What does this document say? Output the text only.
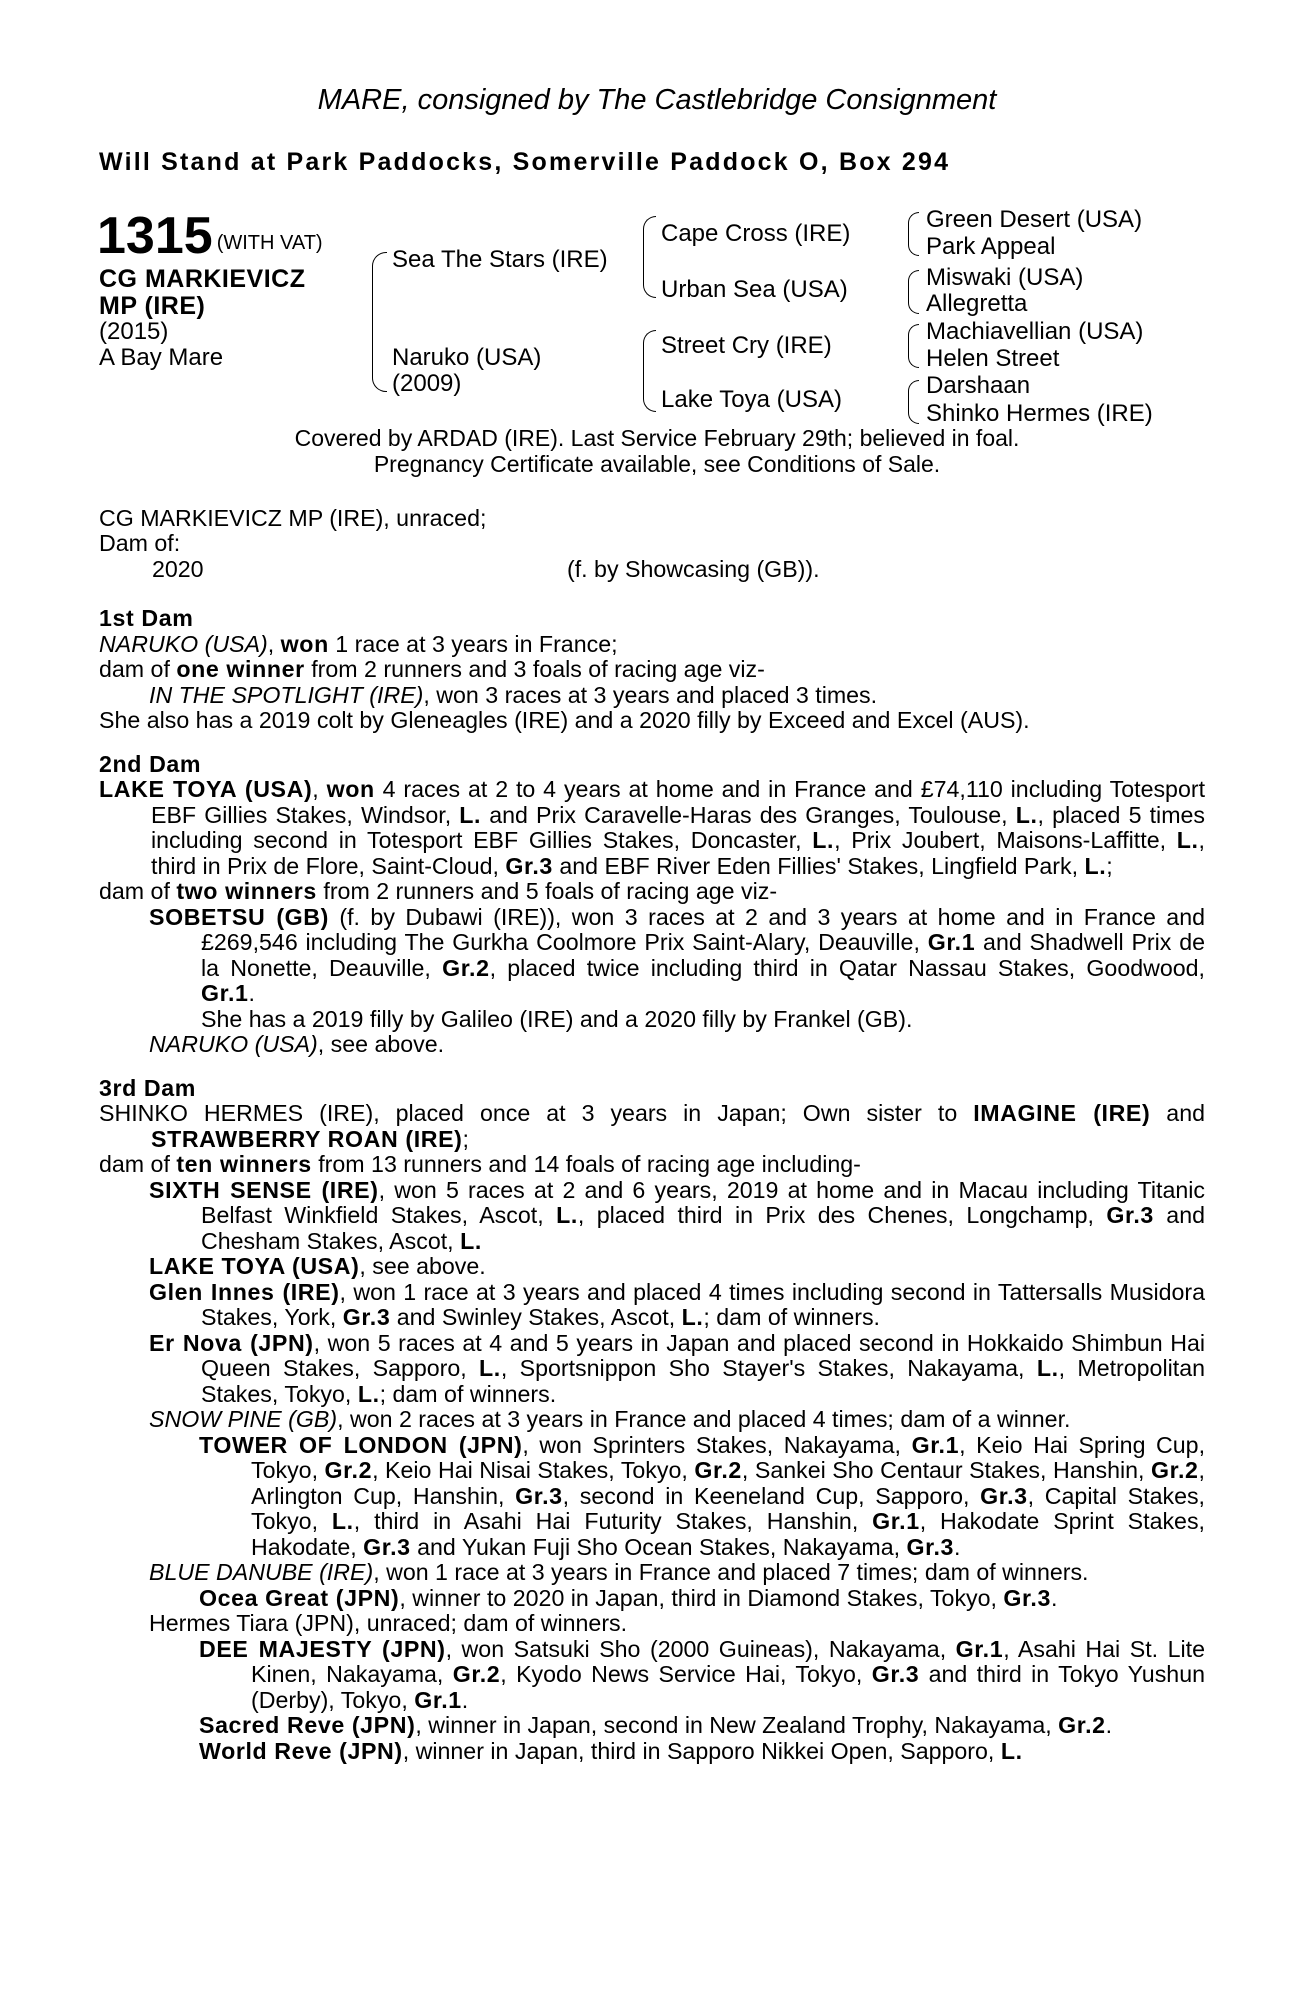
MARE, consigned by The Castlebridge Consignment
Will Stand at Park Paddocks, Somerville Paddock O, Box 294
1315 (WITH VAT)
CG MARKIEVICZ
MP (IRE)
(2015)
A Bay Mare
Sea The Stars (IRE)
Naruko (USA)
(2009)
Cape Cross (IRE)
Urban Sea (USA)
Street Cry (IRE)
Lake Toya (USA)
Green Desert (USA)
Park Appeal
Miswaki (USA)
Allegretta
Machiavellian (USA)
Helen Street
Darshaan
Shinko Hermes (IRE)
Covered by ARDAD (IRE). Last Service February 29th; believed in foal.
Pregnancy Certificate available, see Conditions of Sale.
CG MARKIEVICZ MP (IRE), unraced;
Dam of:
2020	(f. by Showcasing (GB)).

1st Dam

NARUKO (USA), won 1 race at 3 years in France;

dam of one winner from 2 runners and 3 foals of racing age viz-

IN THE SPOTLIGHT (IRE), won 3 races at 3 years and placed 3 times.

She also has a 2019 colt by Gleneagles (IRE) and a 2020 filly by Exceed and Excel (AUS).

2nd Dam

LAKE TOYA (USA), won 4 races at 2 to 4 years at home and in France and £74,110 including Totesport EBF Gillies Stakes, Windsor, L. and Prix Caravelle-Haras des Granges, Toulouse, L., placed 5 times including second in Totesport EBF Gillies Stakes, Doncaster, L., Prix Joubert, Maisons-Laffitte, L., third in Prix de Flore, Saint-Cloud, Gr.3 and EBF River Eden Fillies' Stakes, Lingfield Park, L.;

dam of two winners from 2 runners and 5 foals of racing age viz-

SOBETSU (GB) (f. by Dubawi (IRE)), won 3 races at 2 and 3 years at home and in France and £269,546 including The Gurkha Coolmore Prix Saint-Alary, Deauville, Gr.1 and Shadwell Prix de la Nonette, Deauville, Gr.2, placed twice including third in Qatar Nassau Stakes, Goodwood, Gr.1.

She has a 2019 filly by Galileo (IRE) and a 2020 filly by Frankel (GB).

NARUKO (USA), see above.

3rd Dam

SHINKO HERMES (IRE), placed once at 3 years in Japan; Own sister to IMAGINE (IRE) and STRAWBERRY ROAN (IRE);

dam of ten winners from 13 runners and 14 foals of racing age including-

SIXTH SENSE (IRE), won 5 races at 2 and 6 years, 2019 at home and in Macau including Titanic Belfast Winkfield Stakes, Ascot, L., placed third in Prix des Chenes, Longchamp, Gr.3 and Chesham Stakes, Ascot, L.

LAKE TOYA (USA), see above.

Glen Innes (IRE), won 1 race at 3 years and placed 4 times including second in Tattersalls Musidora Stakes, York, Gr.3 and Swinley Stakes, Ascot, L.; dam of winners.

Er Nova (JPN), won 5 races at 4 and 5 years in Japan and placed second in Hokkaido Shimbun Hai Queen Stakes, Sapporo, L., Sportsnippon Sho Stayer's Stakes, Nakayama, L., Metropolitan Stakes, Tokyo, L.; dam of winners.

SNOW PINE (GB), won 2 races at 3 years in France and placed 4 times; dam of a winner.

TOWER OF LONDON (JPN), won Sprinters Stakes, Nakayama, Gr.1, Keio Hai Spring Cup, Tokyo, Gr.2, Keio Hai Nisai Stakes, Tokyo, Gr.2, Sankei Sho Centaur Stakes, Hanshin, Gr.2, Arlington Cup, Hanshin, Gr.3, second in Keeneland Cup, Sapporo, Gr.3, Capital Stakes, Tokyo, L., third in Asahi Hai Futurity Stakes, Hanshin, Gr.1, Hakodate Sprint Stakes, Hakodate, Gr.3 and Yukan Fuji Sho Ocean Stakes, Nakayama, Gr.3.

BLUE DANUBE (IRE), won 1 race at 3 years in France and placed 7 times; dam of winners.

Ocea Great (JPN), winner to 2020 in Japan, third in Diamond Stakes, Tokyo, Gr.3.

Hermes Tiara (JPN), unraced; dam of winners.

DEE MAJESTY (JPN), won Satsuki Sho (2000 Guineas), Nakayama, Gr.1, Asahi Hai St. Lite Kinen, Nakayama, Gr.2, Kyodo News Service Hai, Tokyo, Gr.3 and third in Tokyo Yushun (Derby), Tokyo, Gr.1.

Sacred Reve (JPN), winner in Japan, second in New Zealand Trophy, Nakayama, Gr.2.

World Reve (JPN), winner in Japan, third in Sapporo Nikkei Open, Sapporo, L.
